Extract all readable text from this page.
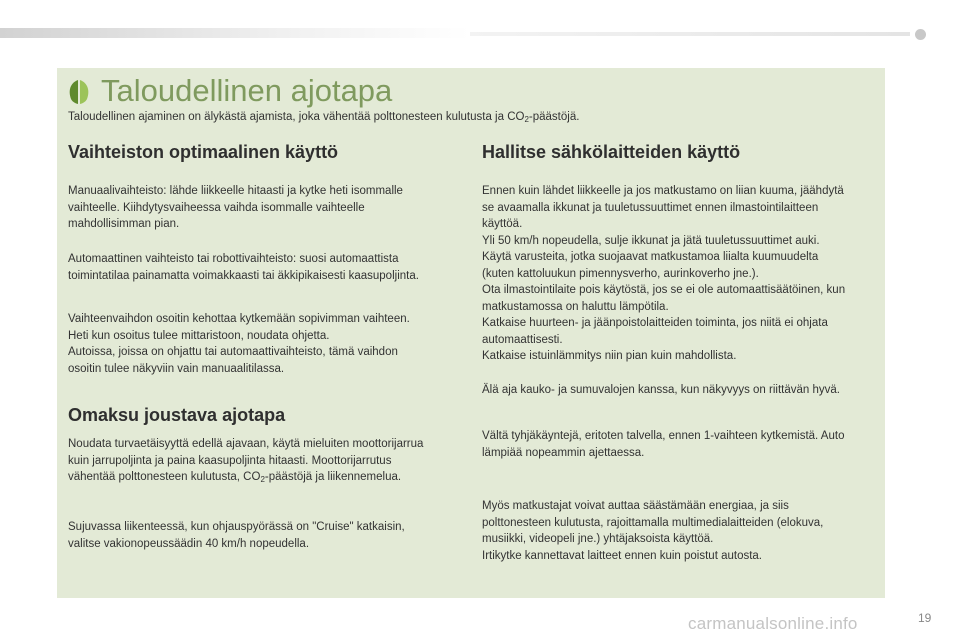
Taloudellinen ajotapa

Taloudellinen ajaminen on älykästä ajamista, joka vähentää polttonesteen kulutusta ja $CO_2$-päästöjä.

Vaihteiston optimaalinen käyttö

Manuaalivaihteisto: lähde liikkeelle hitaasti ja kytke heti isommalle
vaihteelle. Kiihdytysvaiheessa vaihda isommalle vaihteelle
mahdollisimman pian.

Automaattinen vaihteisto tai robottivaihteisto: suosi automaattista
toimintatilaa painamatta voimakkaasti tai äkkipikaisesti kaasupoljinta.

Vaihteenvaihdon osoitin kehottaa kytkemään sopivimman vaihteen.
Heti kun osoitus tulee mittaristoon, noudata ohjetta.
Autoissa, joissa on ohjattu tai automaattivaihteisto, tämä vaihdon
osoitin tulee näkyviin vain manuaalitilassa.

Omaksu joustava ajotapa

Noudata turvaetäisyyttä edellä ajavaan, käytä mieluiten moottorijarrua
kuin jarrupoljinta ja paina kaasupoljinta hitaasti. Moottorijarrutus
vähentää polttonesteen kulutusta, $CO_2$-päästöjä ja liikennemelua.

Sujuvassa liikenteessä, kun ohjauspyörässä on "Cruise" katkaisin,
valitse vakionopeussäädin 40 km/h nopeudella.

Hallitse sähkölaitteiden käyttö

Ennen kuin lähdet liikkeelle ja jos matkustamo on liian kuuma, jäähdytä
se avaamalla ikkunat ja tuuletussuuttimet ennen ilmastointilaitteen
käyttöä.
Yli 50 km/h nopeudella, sulje ikkunat ja jätä tuuletussuuttimet auki.
Käytä varusteita, jotka suojaavat matkustamoa liialta kuumuudelta
(kuten kattoluukun pimennysverho, aurinkoverho jne.).
Ota ilmastointilaite pois käytöstä, jos se ei ole automaattisäätöinen, kun
matkustamossa on haluttu lämpötila.
Katkaise huurteen- ja jäänpoistolaitteiden toiminta, jos niitä ei ohjata
automaattisesti.
Katkaise istuinlämmitys niin pian kuin mahdollista.

Älä aja kauko- ja sumuvalojen kanssa, kun näkyvyys on riittävän hyvä.

Vältä tyhjäkäyntejä, eritoten talvella, ennen 1-vaihteen kytkemistä. Auto
lämpiää nopeammin ajettaessa.

Myös matkustajat voivat auttaa säästämään energiaa, ja siis
polttonesteen kulutusta, rajoittamalla multimedialaitteiden (elokuva,
musiikki, videopeli jne.) yhtäjaksoista käyttöä.
Irtikytke kannettavat laitteet ennen kuin poistut autosta.

carmanualsonline.info	19
